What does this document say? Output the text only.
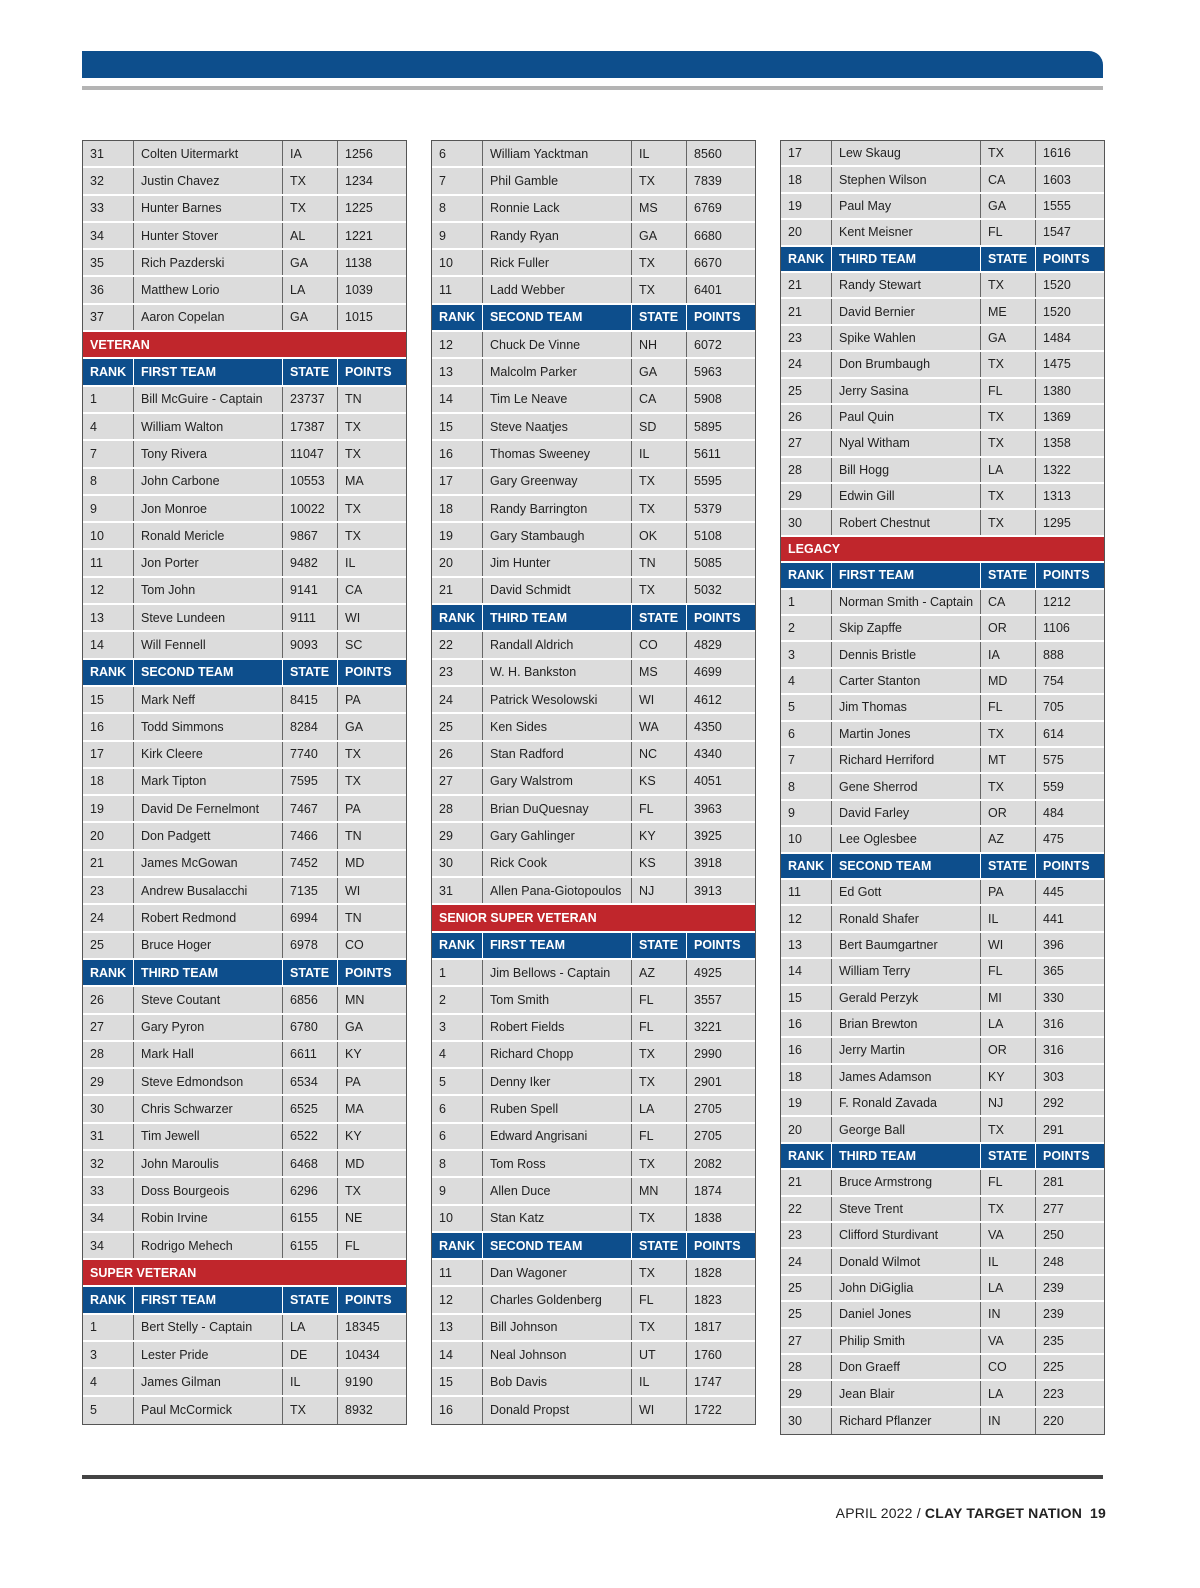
31	Colten Uitermarkt	IA	1256
32	Justin Chavez	TX	1234
33	Hunter Barnes	TX	1225
34	Hunter Stover	AL	1221
35	Rich Pazderski	GA	1138
36	Matthew Lorio	LA	1039
37	Aaron Copelan	GA	1015
VETERAN
RANK	FIRST TEAM	STATE	POINTS
1	Bill McGuire - Captain	23737	TN
4	William Walton	17387	TX
7	Tony Rivera	11047	TX
8	John Carbone	10553	MA
9	Jon Monroe	10022	TX
10	Ronald Mericle	9867	TX
11	Jon Porter	9482	IL
12	Tom John	9141	CA
13	Steve Lundeen	9111	WI
14	Will Fennell	9093	SC
RANK	SECOND TEAM	STATE	POINTS
15	Mark Neff	8415	PA
16	Todd Simmons	8284	GA
17	Kirk Cleere	7740	TX
18	Mark Tipton	7595	TX
19	David De Fernelmont	7467	PA
20	Don Padgett	7466	TN
21	James McGowan	7452	MD
23	Andrew Busalacchi	7135	WI
24	Robert Redmond	6994	TN
25	Bruce Hoger	6978	CO
RANK	THIRD TEAM	STATE	POINTS
26	Steve Coutant	6856	MN
27	Gary Pyron	6780	GA
28	Mark Hall	6611	KY
29	Steve Edmondson	6534	PA
30	Chris Schwarzer	6525	MA
31	Tim Jewell	6522	KY
32	John Maroulis	6468	MD
33	Doss Bourgeois	6296	TX
34	Robin Irvine	6155	NE
34	Rodrigo Mehech	6155	FL
SUPER VETERAN
RANK	FIRST TEAM	STATE	POINTS
1	Bert Stelly - Captain	LA	18345
3	Lester Pride	DE	10434
4	James Gilman	IL	9190
5	Paul McCormick	TX	8932
6	William Yacktman	IL	8560
7	Phil Gamble	TX	7839
8	Ronnie Lack	MS	6769
9	Randy Ryan	GA	6680
10	Rick Fuller	TX	6670
11	Ladd Webber	TX	6401
RANK	SECOND TEAM	STATE	POINTS
12	Chuck De Vinne	NH	6072
13	Malcolm Parker	GA	5963
14	Tim Le Neave	CA	5908
15	Steve Naatjes	SD	5895
16	Thomas Sweeney	IL	5611
17	Gary Greenway	TX	5595
18	Randy Barrington	TX	5379
19	Gary Stambaugh	OK	5108
20	Jim Hunter	TN	5085
21	David Schmidt	TX	5032
RANK	THIRD TEAM	STATE	POINTS
22	Randall Aldrich	CO	4829
23	W. H. Bankston	MS	4699
24	Patrick Wesolowski	WI	4612
25	Ken Sides	WA	4350
26	Stan Radford	NC	4340
27	Gary Walstrom	KS	4051
28	Brian DuQuesnay	FL	3963
29	Gary Gahlinger	KY	3925
30	Rick Cook	KS	3918
31	Allen Pana-Giotopoulos	NJ	3913
SENIOR SUPER VETERAN
RANK	FIRST TEAM	STATE	POINTS
1	Jim Bellows - Captain	AZ	4925
2	Tom Smith	FL	3557
3	Robert Fields	FL	3221
4	Richard Chopp	TX	2990
5	Denny Iker	TX	2901
6	Ruben Spell	LA	2705
6	Edward Angrisani	FL	2705
8	Tom Ross	TX	2082
9	Allen Duce	MN	1874
10	Stan Katz	TX	1838
RANK	SECOND TEAM	STATE	POINTS
11	Dan Wagoner	TX	1828
12	Charles Goldenberg	FL	1823
13	Bill Johnson	TX	1817
14	Neal Johnson	UT	1760
15	Bob Davis	IL	1747
16	Donald Propst	WI	1722
17	Lew Skaug	TX	1616
18	Stephen Wilson	CA	1603
19	Paul May	GA	1555
20	Kent Meisner	FL	1547
RANK	THIRD TEAM	STATE	POINTS
21	Randy Stewart	TX	1520
21	David Bernier	ME	1520
23	Spike Wahlen	GA	1484
24	Don Brumbaugh	TX	1475
25	Jerry Sasina	FL	1380
26	Paul Quin	TX	1369
27	Nyal Witham	TX	1358
28	Bill Hogg	LA	1322
29	Edwin Gill	TX	1313
30	Robert Chestnut	TX	1295
LEGACY
RANK	FIRST TEAM	STATE	POINTS
1	Norman Smith - Captain	CA	1212
2	Skip Zapffe	OR	1106
3	Dennis Bristle	IA	888
4	Carter Stanton	MD	754
5	Jim Thomas	FL	705
6	Martin Jones	TX	614
7	Richard Herriford	MT	575
8	Gene Sherrod	TX	559
9	David Farley	OR	484
10	Lee Oglesbee	AZ	475
RANK	SECOND TEAM	STATE	POINTS
11	Ed Gott	PA	445
12	Ronald Shafer	IL	441
13	Bert Baumgartner	WI	396
14	William Terry	FL	365
15	Gerald Perzyk	MI	330
16	Brian Brewton	LA	316
16	Jerry Martin	OR	316
18	James Adamson	KY	303
19	F. Ronald Zavada	NJ	292
20	George Ball	TX	291
RANK	THIRD TEAM	STATE	POINTS
21	Bruce Armstrong	FL	281
22	Steve Trent	TX	277
23	Clifford Sturdivant	VA	250
24	Donald Wilmot	IL	248
25	John DiGiglia	LA	239
25	Daniel Jones	IN	239
27	Philip Smith	VA	235
28	Don Graeff	CO	225
29	Jean Blair	LA	223
30	Richard Pflanzer	IN	220
APRIL 2022 / CLAY TARGET NATION 19
